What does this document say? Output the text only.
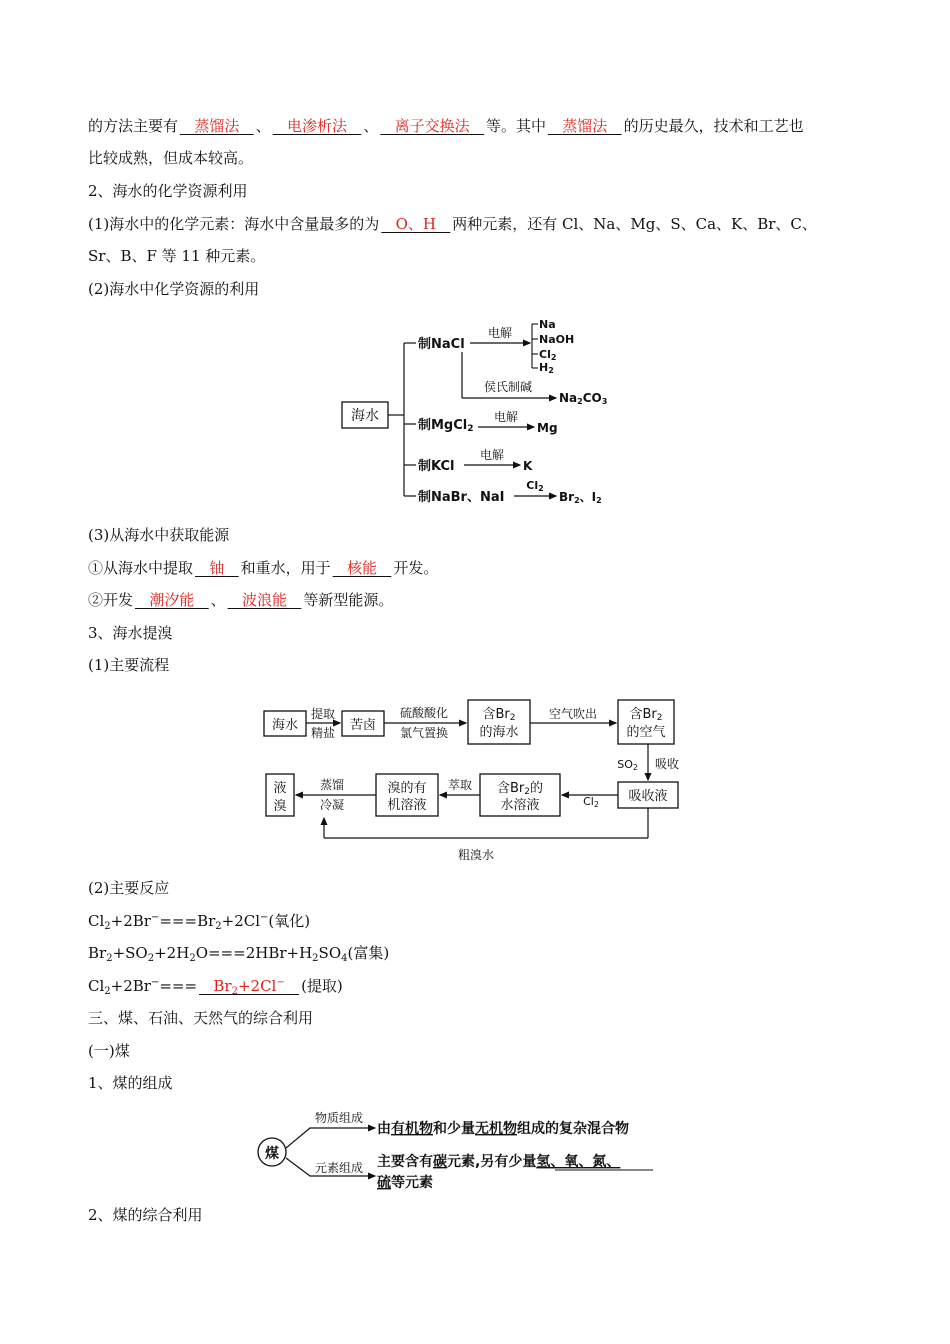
的方法主要有 蒸馏法 、 电渗析法 、 离子交换法 等。其中 蒸馏法 的历史最久，技术和工艺也
比较成熟，但成本较高。
2、海水的化学资源利用
(1)海水中的化学元素：海水中含量最多的为 O、H 两种元素，还有 Cl、Na、Mg、S、Ca、K、Br、C、
Sr、B、F 等 11 种元素。
(2)海水中化学资源的利用
海水
制NaCl
电解
Na
NaOH
Cl2
H2
侯氏制碱
Na2CO3
制MgCl2
电解
Mg
制KCl
电解
K
制NaBr、NaI
Cl2
Br2、I2
(3)从海水中获取能源
①从海水中提取 铀 和重水，用于 核能 开发。
②开发 潮汐能 、 波浪能 等新型能源。
3、海水提溴
(1)主要流程
海水
提取
精盐 苦卤
硫酸酸化
氯气置换
含Br2
的海水
空气吹出 含Br2
的空气
SO2 吸收
吸收液
Cl2
含Br2的
水溶液
萃取
溴的有
机溶液
蒸馏
冷凝
液
溴
粗溴水
(2)主要反应
$Cl_2+2Br^-===Br_2+2Cl^-$(氧化)
$Br_2+SO_2+2H_2O===2HBr+H_2SO_4$(富集)
$Cl_2+2Br^-=== Br_2+2Cl^-$ (提取)
三、煤、石油、天然气的综合利用
(一)煤
1、煤的组成
煤
物质组成
元素组成
由有机物和少量无机物组成的复杂混合物
主要含有碳元素,另有少量氢、氧、氮、
硫等元素
2、煤的综合利用
